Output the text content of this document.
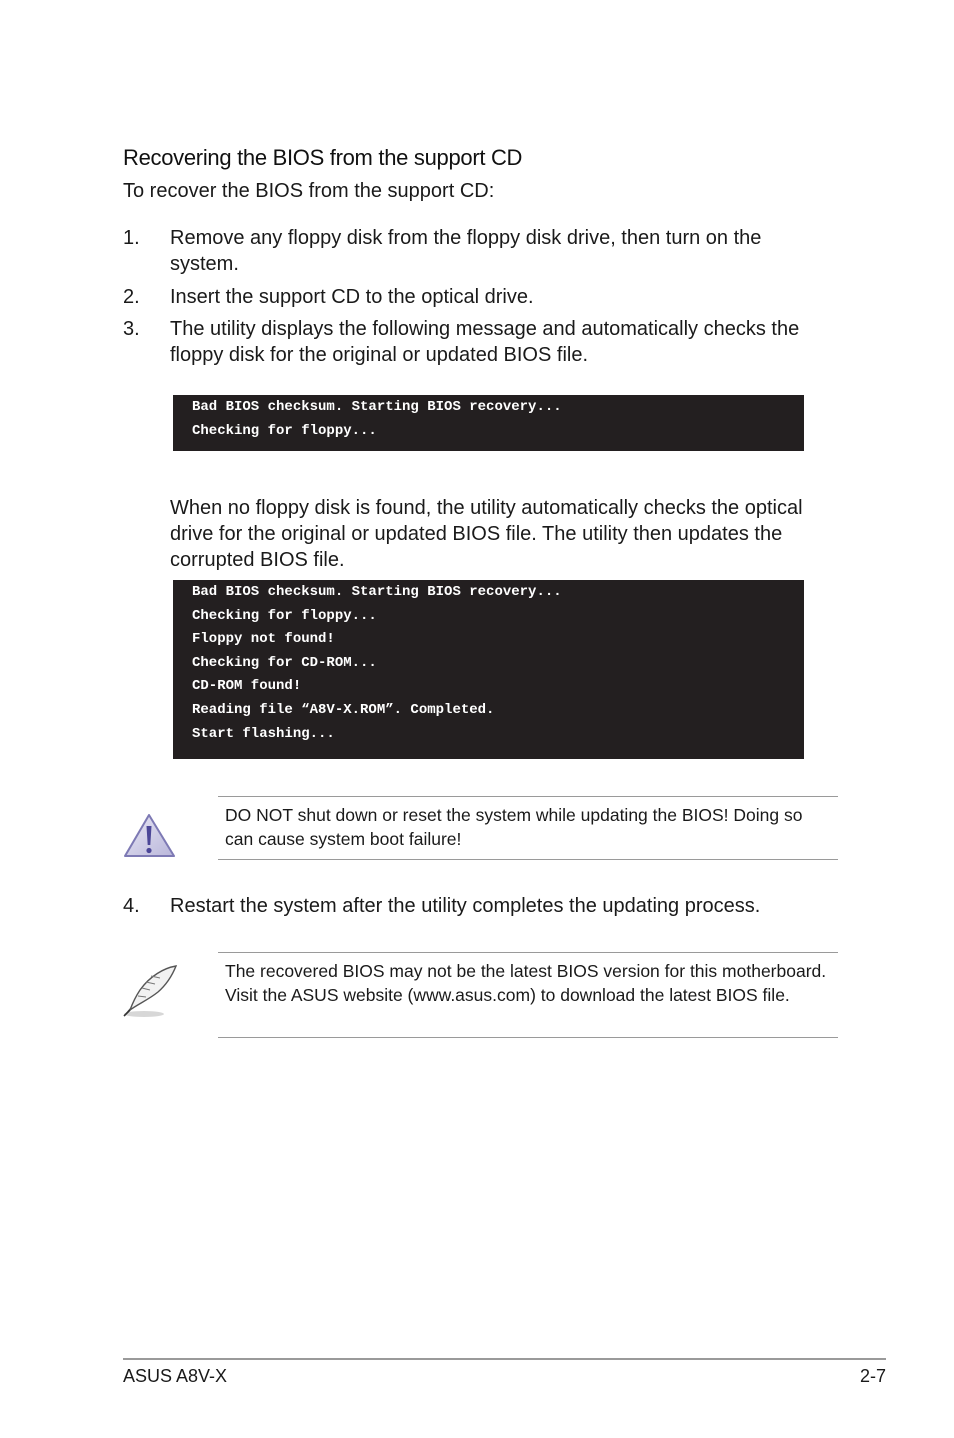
Recovering the BIOS from the support CD

To recover the BIOS from the support CD:

1. Remove any floppy disk from the floppy disk drive, then turn on the system.
2. Insert the support CD to the optical drive.
3. The utility displays the following message and automatically checks the floppy disk for the original or updated BIOS file.
Bad BIOS checksum. Starting BIOS recovery...
Checking for floppy...

When no floppy disk is found, the utility automatically checks the optical drive for the original or updated BIOS file. The utility then updates the corrupted BIOS file.

Bad BIOS checksum. Starting BIOS recovery...
Checking for floppy...
Floppy not found!
Checking for CD-ROM...
CD-ROM found!
Reading file “A8V-X.ROM”. Completed.
Start flashing...
DO NOT shut down or reset the system while updating the BIOS! Doing so can cause system boot failure!
4. Restart the system after the utility completes the updating process.
The recovered BIOS may not be the latest BIOS version for this motherboard. Visit the ASUS website (www.asus.com) to download the latest BIOS file.
ASUS A8V-X	2-7
